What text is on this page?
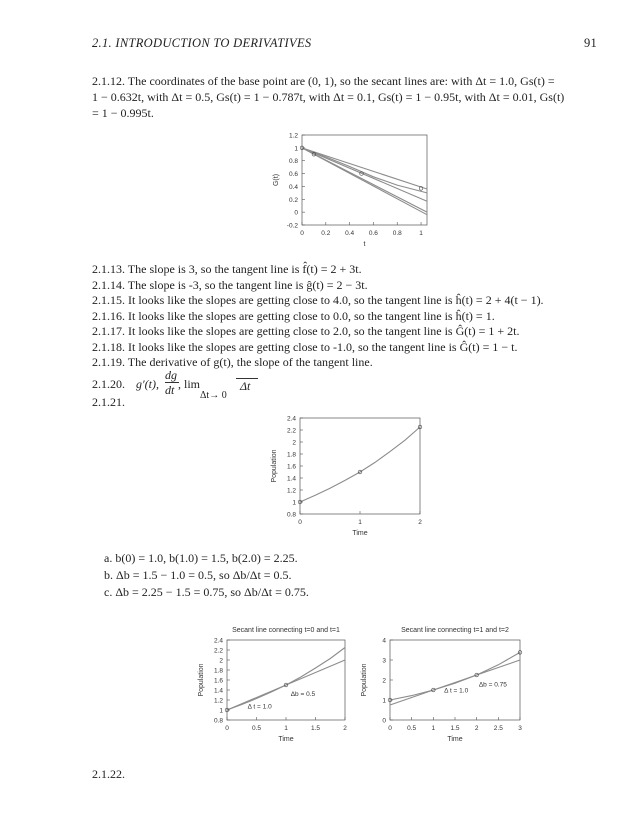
2.1. INTRODUCTION TO DERIVATIVES	91
2.1.12. The coordinates of the base point are (0, 1), so the secant lines are: with Δt = 1.0, Gs(t) =
1 − 0.632t, with Δt = 0.5, Gs(t) = 1 − 0.787t, with Δt = 0.1, Gs(t) = 1 − 0.95t, with Δt = 0.01, Gs(t)
= 1 − 0.995t.
0	0.2 0.4 0.6 0.8	1
-0.2
0
0.2
0.4
0.6
0.8
1
1.2
t
G(t)
2.1.13. The slope is 3, so the tangent line is f̂(t) = 2 + 3t.
2.1.14. The slope is -3, so the tangent line is ĝ(t) = 2 − 3t.
2.1.15. It looks like the slopes are getting close to 4.0, so the tangent line is ĥ(t) = 2 + 4(t − 1).
2.1.16. It looks like the slopes are getting close to 0.0, so the tangent line is ĥ(t) = 1.
2.1.17. It looks like the slopes are getting close to 2.0, so the tangent line is Ĝ(t) = 1 + 2t.
2.1.18. It looks like the slopes are getting close to -1.0, so the tangent line is Ĝ(t) = 1 − t.
2.1.19. The derivative of g(t), the slope of the tangent line.
2.1.20. g′(t),
dg
dt , lim
Δt→ 0
Δt
2.1.21.
0	1	2
0.8
1
1.2
1.4
1.6
1.8
2
2.2
2.4
Time
Population
a. b(0) = 1.0, b(1.0) = 1.5, b(2.0) = 2.25.
b. Δb = 1.5 − 1.0 = 0.5, so Δb/Δt = 0.5.
c. Δb = 2.25 − 1.5 = 0.75, so Δb/Δt = 0.75.
0	0.5	1	1.5	2
0.8
1
1.2
1.4
1.6
1.8
2
2.2
2.4
Time
Population
Secant line connecting t=0 and t=1
Δ t = 1.0
Δb = 0.5
0 0.5 1 1.5 2 2.5 3
0
1
2
3
4
Time
Population
Secant line connecting t=1 and t=2
Δ t = 1.0
Δb = 0.75
2.1.22.
